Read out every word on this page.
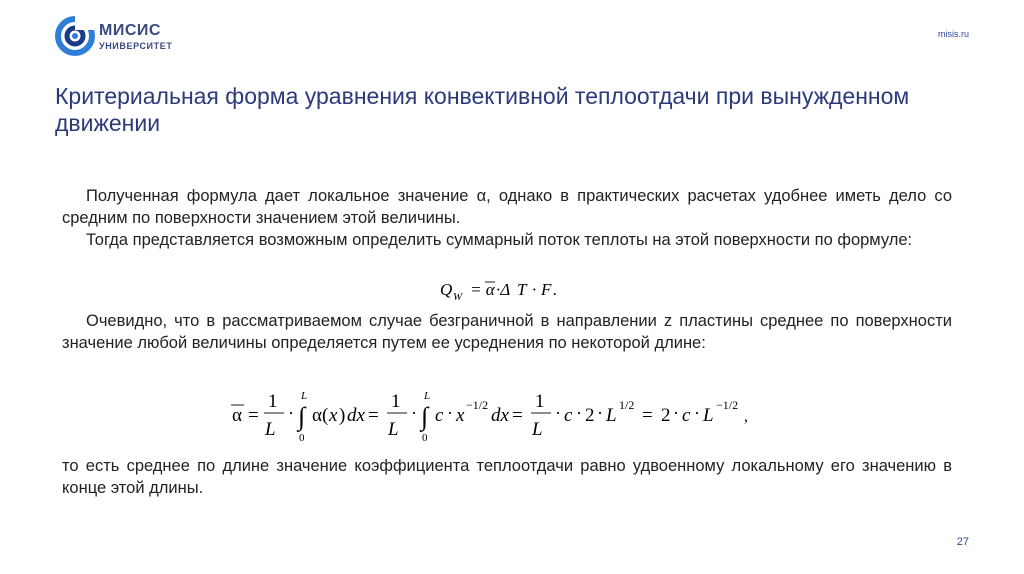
МИСИС
УНИВЕРСИТЕТ
misis.ru
Критериальная форма уравнения конвективной теплоотдачи при вынужденном движении

Полученная формула дает локальное значение α, однако в практических расчетах удобнее иметь дело со средним по поверхности значением этой величины.

Тогда представляется возможным определить суммарный поток теплоты на этой поверхности по формуле:

Q W = α ·Δ T · F .

Очевидно, что в рассматриваемом случае безграничной в направлении z пластины среднее по поверхности значение любой величины определяется путем ее усреднения по некоторой длине:

α =
1
L
· ∫
L
0
α( x ) dx =
1
L
· ∫
L
0
c · x −1/2 dx =
1
L
· c · 2 · L 1/2 = 2 · c · L −1/2
,

то есть среднее по длине значение коэффициента теплоотдачи равно удвоенному локальному его значению в конце этой длины.

27
